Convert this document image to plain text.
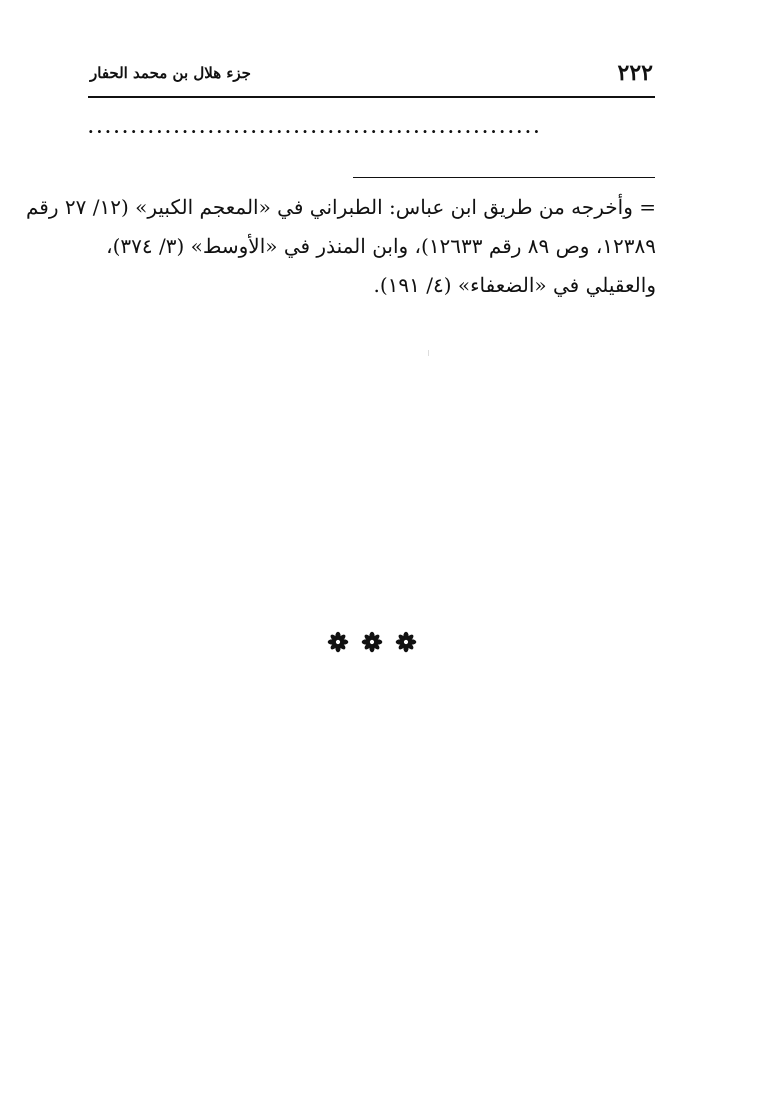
٢٢٢
جزء هلال بن محمد الحفار
.....................................................

= وأخرجه من طريق ابن عباس: الطبراني في «المعجم الكبير» (١٢/ ٢٧ رقم

١٢٣٨٩، وص ٨٩ رقم ١٢٦٣٣)، وابن المنذر في «الأوسط» (٣/ ٣٧٤)،

والعقيلي في «الضعفاء» (٤/ ١٩١).
